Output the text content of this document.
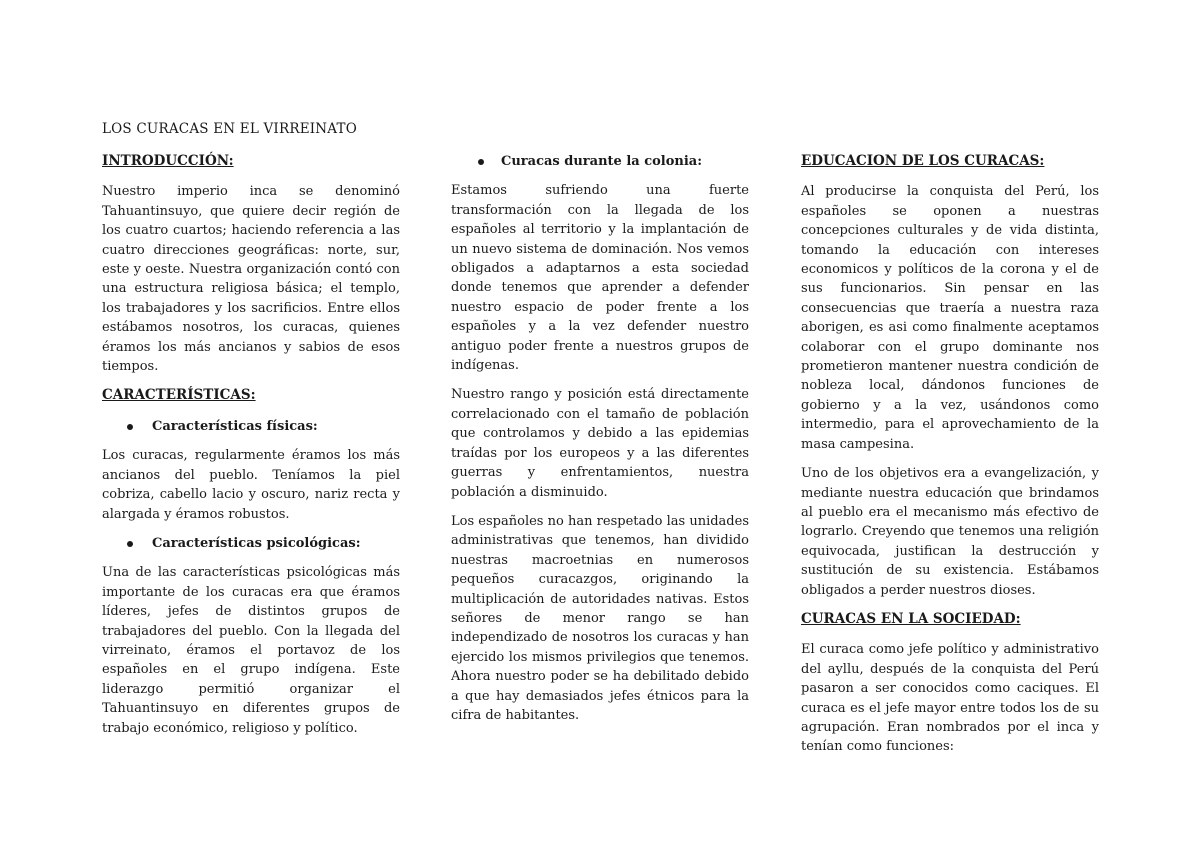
LOS CURACAS EN EL VIRREINATO
INTRODUCCIÓN:

Nuestro imperio inca se denominó Tahuantinsuyo, que quiere decir región de los cuatro cuartos; haciendo referencia a las cuatro direcciones geográficas: norte, sur, este y oeste. Nuestra organización contó con una estructura religiosa básica; el templo, los trabajadores y los sacrificios. Entre ellos estábamos nosotros, los curacas, quienes éramos los más ancianos y sabios de esos tiempos.

CARACTERÍSTICAS:
Características físicas:

Los curacas, regularmente éramos los más ancianos del pueblo. Teníamos la piel cobriza, cabello lacio y oscuro, nariz recta y alargada y éramos robustos.

Características psicológicas:

Una de las características psicológicas más importante de los curacas era que éramos líderes, jefes de distintos grupos de trabajadores del pueblo. Con la llegada del virreinato, éramos el portavoz de los españoles en el grupo indígena. Este liderazgo permitió organizar el Tahuantinsuyo en diferentes grupos de trabajo económico, religioso y político.

Curacas durante la colonia:

Estamos sufriendo una fuerte transformación con la llegada de los españoles al territorio y la implantación de un nuevo sistema de dominación. Nos vemos obligados a adaptarnos a esta sociedad donde tenemos que aprender a defender nuestro espacio de poder frente a los españoles y a la vez defender nuestro antiguo poder frente a nuestros grupos de indígenas.

Nuestro rango y posición está directamente correlacionado con el tamaño de población que controlamos y debido a las epidemias traídas por los europeos y a las diferentes guerras y enfrentamientos, nuestra población a disminuido.

Los españoles no han respetado las unidades administrativas que tenemos, han dividido nuestras macroetnias en numerosos pequeños curacazgos, originando la multiplicación de autoridades nativas. Estos señores de menor rango se han independizado de nosotros los curacas y han ejercido los mismos privilegios que tenemos. Ahora nuestro poder se ha debilitado debido a que hay demasiados jefes étnicos para la cifra de habitantes.

EDUCACION DE LOS CURACAS:

Al producirse la conquista del Perú, los españoles se oponen a nuestras concepciones culturales y de vida distinta, tomando la educación con intereses economicos y políticos de la corona y el de sus funcionarios. Sin pensar en las consecuencias que traería a nuestra raza aborigen, es asi como finalmente aceptamos colaborar con el grupo dominante nos prometieron mantener nuestra condición de nobleza local, dándonos funciones de gobierno y a la vez, usándonos como intermedio, para el aprovechamiento de la masa campesina.

Uno de los objetivos era a evangelización, y mediante nuestra educación que brindamos al pueblo era el mecanismo más efectivo de lograrlo. Creyendo que tenemos una religión equivocada, justifican la destrucción y sustitución de su existencia. Estábamos obligados a perder nuestros dioses.

CURACAS EN LA SOCIEDAD:

El curaca como jefe político y administrativo del ayllu, después de la conquista del Perú pasaron a ser conocidos como caciques. El curaca es el jefe mayor entre todos los de su agrupación. Eran nombrados por el inca y tenían como funciones:
